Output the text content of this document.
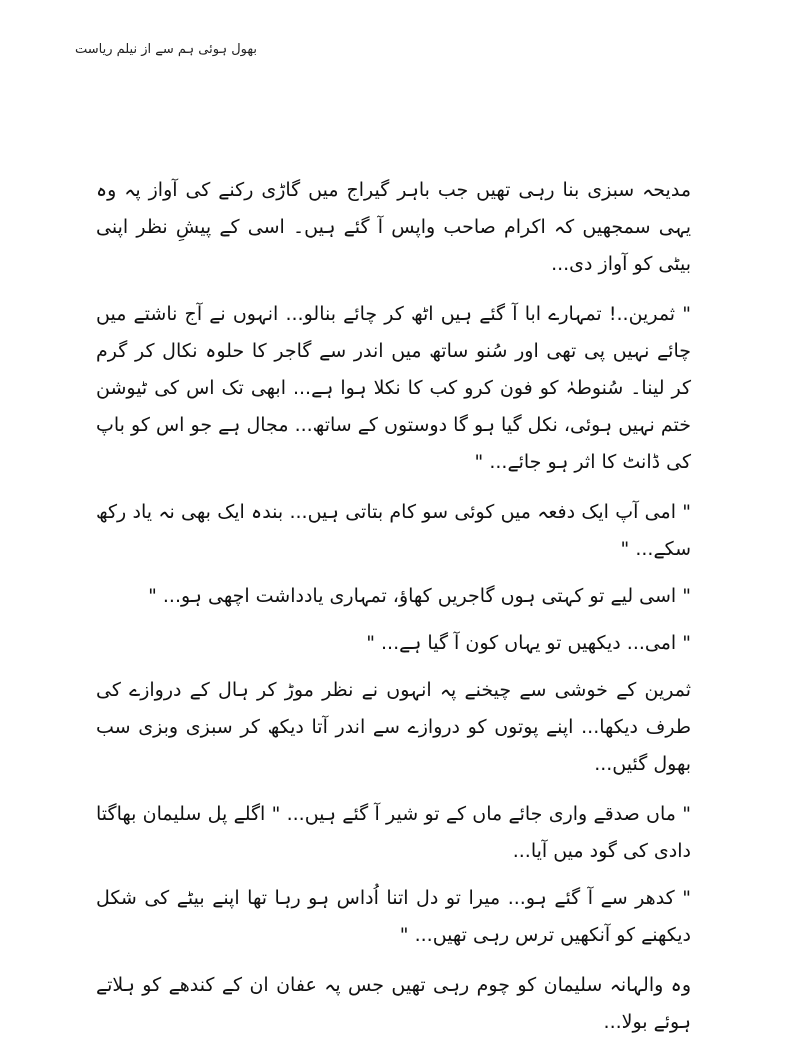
بھول ہوئی ہم سے از نیلم ریاست

مدیحہ سبزی بنا رہی تھیں جب باہر گیراج میں گاڑی رکنے کی آواز پہ وہ یہی سمجھیں کہ اکرام صاحب واپس آ گئے ہیں۔ اسی کے پیشِ نظر اپنی بیٹی کو آواز دی...

" ثمرین..! تمہارے ابا آ گئے ہیں اٹھ کر چائے بنالو... انہوں نے آج ناشتے میں چائے نہیں پی تھی اور سُنو ساتھ میں اندر سے گاجر کا حلوہ نکال کر گرم کر لینا۔ سُنوطہٰ کو فون کرو کب کا نکلا ہوا ہے... ابھی تک اس کی ٹیوشن ختم نہیں ہوئی، نکل گیا ہو گا دوستوں کے ساتھ... مجال ہے جو اس کو باپ کی ڈانٹ کا اثر ہو جائے... "

" امی آپ ایک دفعہ میں کوئی سو کام بتاتی ہیں... بندہ ایک بھی نہ یاد رکھ سکے... "

" اسی لیے تو کہتی ہوں گاجریں کھاؤ، تمہاری یادداشت اچھی ہو... "

" امی... دیکھیں تو یہاں کون آ گیا ہے... "

ثمرین کے خوشی سے چیخنے پہ انہوں نے نظر موڑ کر ہال کے دروازے کی طرف دیکھا... اپنے پوتوں کو دروازے سے اندر آتا دیکھ کر سبزی وبزی سب بھول گئیں...

" ماں صدقے واری جائے ماں کے تو شیر آ گئے ہیں... " اگلے پل سلیمان بھاگتا دادی کی گود میں آیا...

" کدھر سے آ گئے ہو... میرا تو دل اتنا اُداس ہو رہا تھا اپنے بیٹے کی شکل دیکھنے کو آنکھیں ترس رہی تھیں... "

وہ والہانہ سلیمان کو چوم رہی تھیں جس پہ عفان ان کے کندھے کو ہلاتے ہوئے بولا...
